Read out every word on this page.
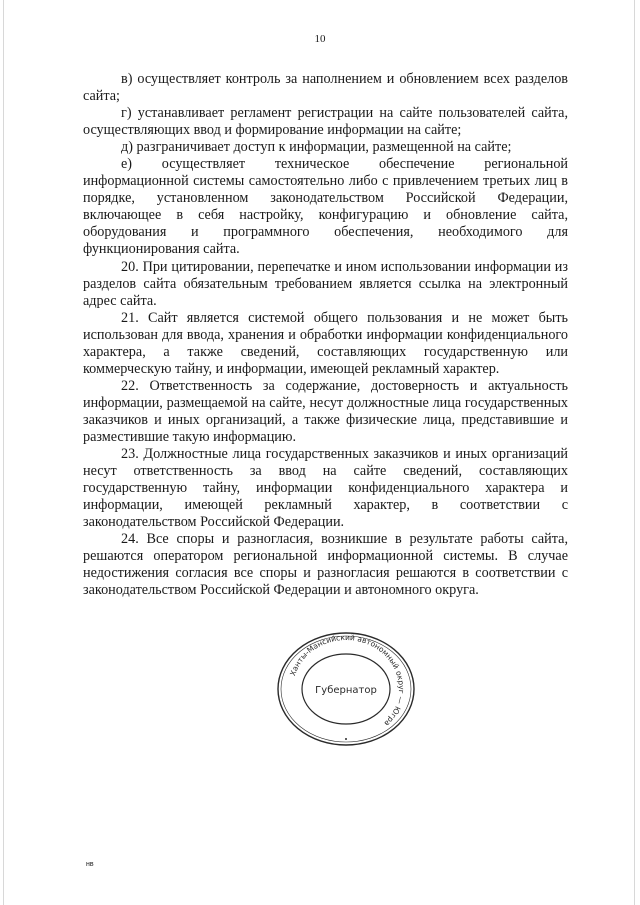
10

в) осуществляет контроль за наполнением и обновлением всех разделов сайта;

г) устанавливает регламент регистрации на сайте пользователей сайта, осуществляющих ввод и формирование информации на сайте;

д) разграничивает доступ к информации, размещенной на сайте;

е) осуществляет техническое обеспечение региональной информационной системы самостоятельно либо с привлечением третьих лиц в порядке, установленном законодательством Российской Федерации, включающее в себя настройку, конфигурацию и обновление сайта, оборудования и программного обеспечения, необходимого для функционирования сайта.

20. При цитировании, перепечатке и ином использовании информации из разделов сайта обязательным требованием является ссылка на электронный адрес сайта.

21. Сайт является системой общего пользования и не может быть использован для ввода, хранения и обработки информации конфиденциального характера, а также сведений, составляющих государственную или коммерческую тайну, и информации, имеющей рекламный характер.

22. Ответственность за содержание, достоверность и актуальность информации, размещаемой на сайте, несут должностные лица государственных заказчиков и иных организаций, а также физические лица, представившие и разместившие такую информацию.

23. Должностные лица государственных заказчиков и иных организаций несут ответственность за ввод на сайте сведений, составляющих государственную тайну, информации конфиденциального характера и информации, имеющей рекламный характер, в соответствии с законодательством Российской Федерации.

24. Все споры и разногласия, возникшие в результате работы сайта, решаются оператором региональной информационной системы. В случае недостижения согласия все споры и разногласия решаются в соответствии с законодательством Российской Федерации и автономного округа.

Ханты-Мансийский автономный округ — Югра
Губернатор
нв
